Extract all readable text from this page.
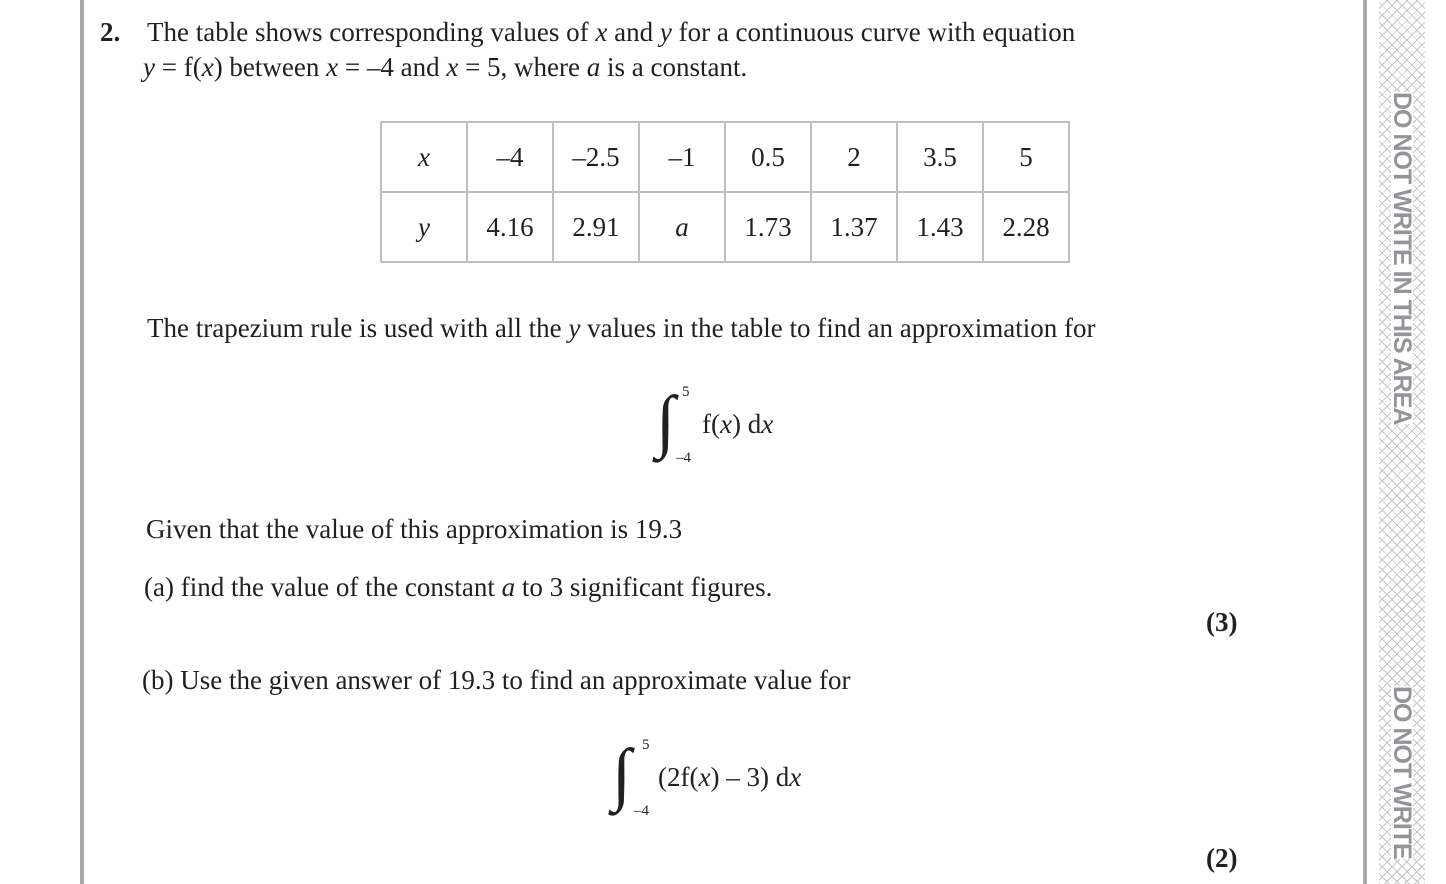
DO NOT WRITE IN THIS AREA
DO NOT WRITE
2. The table shows corresponding values of x and y for a continuous curve with equation
y = f(x) between x = –4 and x = 5, where a is a constant.
x	–4	–2.5	–1	0.5	2	3.5	5
y	4.16	2.91	a	1.73	1.37	1.43	2.28
The trapezium rule is used with all the y values in the table to find an approximation for
∫ 5
–4
f(x) dx
Given that the value of this approximation is 19.3
(a) find the value of the constant a to 3 significant figures.
(3)
(b) Use the given answer of 19.3 to find an approximate value for
∫ 5
–4
(2f(x) – 3) dx
(2)
